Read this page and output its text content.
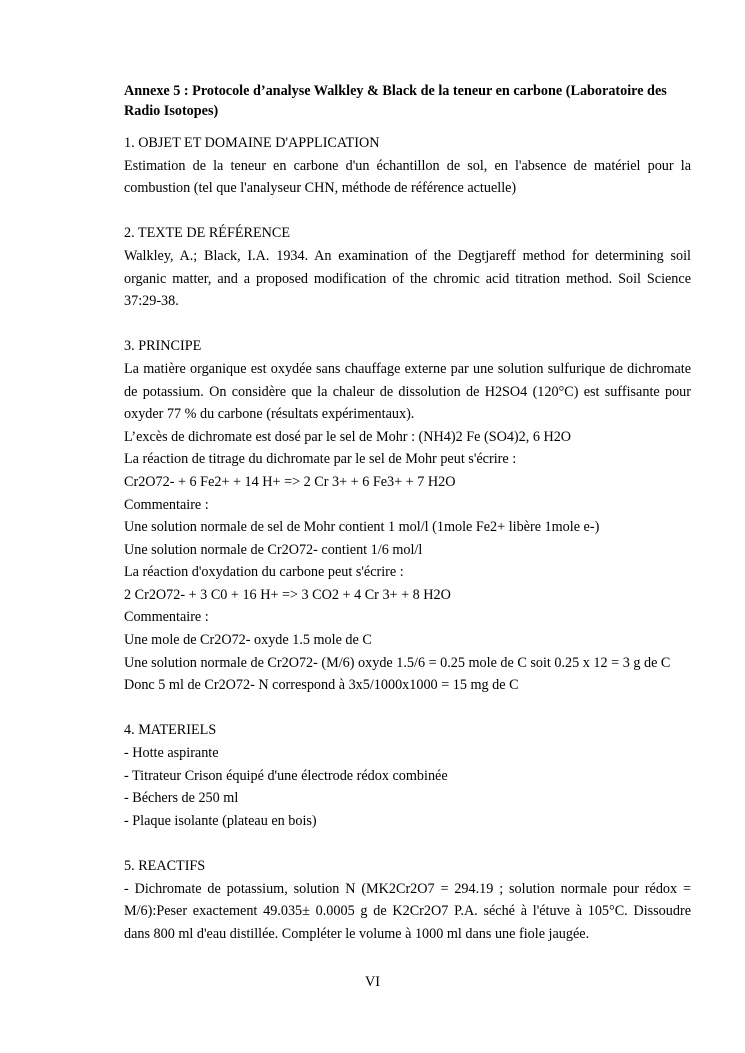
Annexe 5 : Protocole d’analyse Walkley & Black de la teneur en carbone (Laboratoire des Radio Isotopes)

1. OBJET ET DOMAINE D'APPLICATION

Estimation de la teneur en carbone d'un échantillon de sol, en l'absence de matériel pour la combustion (tel que l'analyseur CHN, méthode de référence actuelle)

2. TEXTE DE RÉFÉRENCE

Walkley, A.; Black, I.A. 1934. An examination of the Degtjareff method for determining soil organic matter, and a proposed modification of the chromic acid titration method. Soil Science 37:29-38.

3. PRINCIPE

La matière organique est oxydée sans chauffage externe par une solution sulfurique de dichromate de potassium. On considère que la chaleur de dissolution de H2SO4 (120°C) est suffisante pour oxyder 77 % du carbone (résultats expérimentaux).

L’excès de dichromate est dosé par le sel de Mohr : (NH4)2 Fe (SO4)2, 6 H2O

La réaction de titrage du dichromate par le sel de Mohr peut s'écrire :

Cr2O72- + 6 Fe2+ + 14 H+ => 2 Cr 3+ + 6 Fe3+ + 7 H2O

Commentaire :

Une solution normale de sel de Mohr contient 1 mol/l (1mole Fe2+ libère 1mole e-)

Une solution normale de Cr2O72- contient 1/6 mol/l

La réaction d'oxydation du carbone peut s'écrire :

2 Cr2O72- + 3 C0 + 16 H+ => 3 CO2 + 4 Cr 3+ + 8 H2O

Commentaire :

Une mole de Cr2O72- oxyde 1.5 mole de C

Une solution normale de Cr2O72- (M/6) oxyde 1.5/6 = 0.25 mole de C soit 0.25 x 12 = 3 g de C

Donc 5 ml de Cr2O72- N correspond à 3x5/1000x1000 = 15 mg de C

4. MATERIELS

- Hotte aspirante

- Titrateur Crison équipé d'une électrode rédox combinée

- Béchers de 250 ml

- Plaque isolante (plateau en bois)

5. REACTIFS

- Dichromate de potassium, solution N (MK2Cr2O7 = 294.19 ; solution normale pour rédox = M/6):Peser exactement 49.035± 0.0005 g de K2Cr2O7 P.A. séché à l'étuve à 105°C. Dissoudre dans 800 ml d'eau distillée. Compléter le volume à 1000 ml dans une fiole jaugée.

VI
